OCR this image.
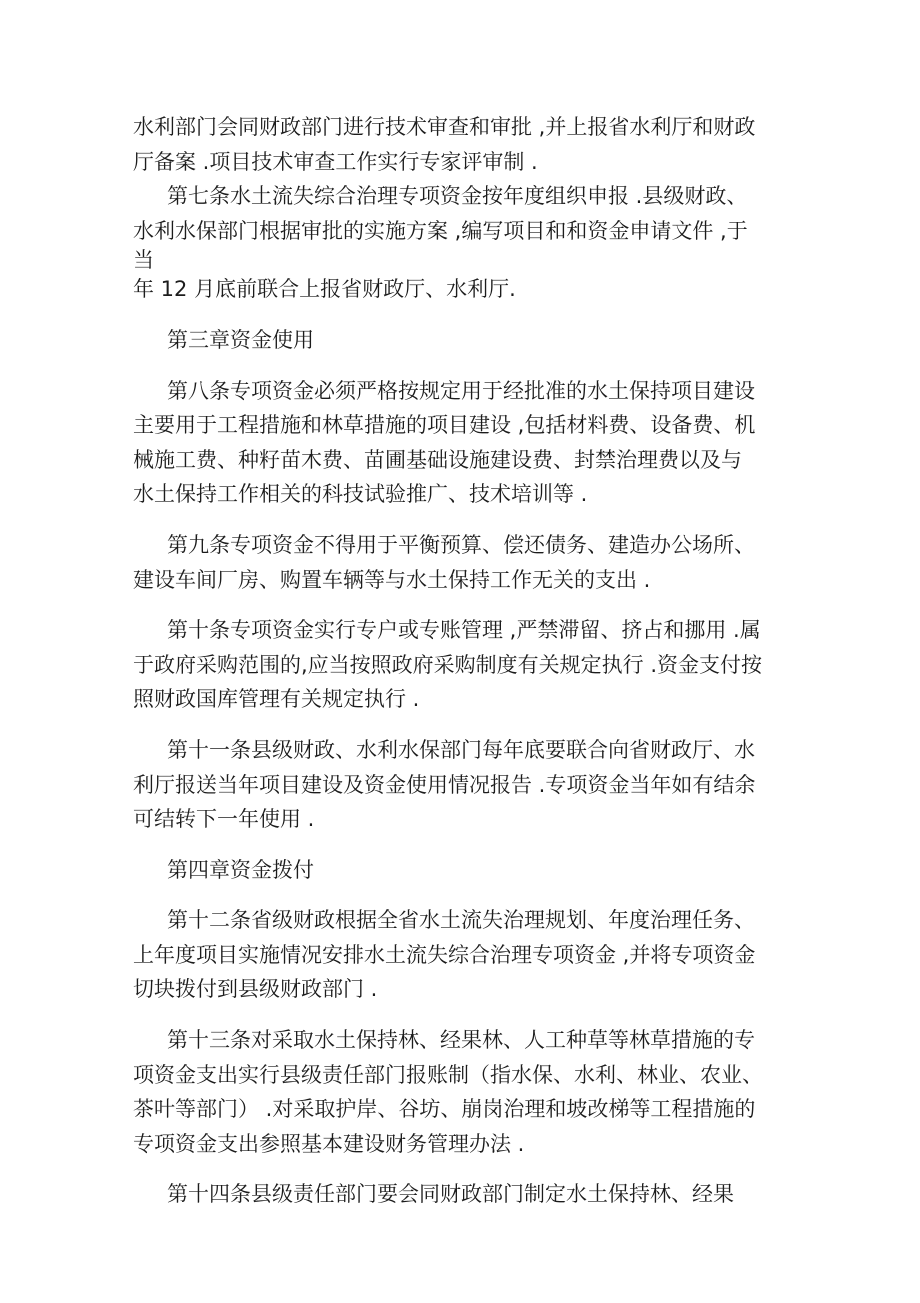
水利部门会同财政部门进行技术审查和审批 ,并上报省水利厅和财政
厅备案 .项目技术审查工作实行专家评审制 .
第七条水土流失综合治理专项资金按年度组织申报 .县级财政、
水利水保部门根据审批的实施方案 ,编写项目和和资金申请文件 ,于
当
年 12 月底前联合上报省财政厅、水利厅.
第三章资金使用
第八条专项资金必须严格按规定用于经批准的水土保持项目建设
主要用于工程措施和林草措施的项目建设 ,包括材料费、设备费、机
械施工费、种籽苗木费、苗圃基础设施建设费、封禁治理费以及与
水土保持工作相关的科技试验推广、技术培训等 .
第九条专项资金不得用于平衡预算、偿还债务、建造办公场所、
建设车间厂房、购置车辆等与水土保持工作无关的支出 .
第十条专项资金实行专户或专账管理 ,严禁滞留、挤占和挪用 .属
于政府采购范围的,应当按照政府采购制度有关规定执行 .资金支付按
照财政国库管理有关规定执行 .
第十一条县级财政、水利水保部门每年底要联合向省财政厅、水
利厅报送当年项目建设及资金使用情况报告 .专项资金当年如有结余
可结转下一年使用 .
第四章资金拨付
第十二条省级财政根据全省水土流失治理规划、年度治理任务、
上年度项目实施情况安排水土流失综合治理专项资金 ,并将专项资金
切块拨付到县级财政部门 .
第十三条对采取水土保持林、经果林、人工种草等林草措施的专
项资金支出实行县级责任部门报账制（指水保、水利、林业、农业、
茶叶等部门） .对采取护岸、谷坊、崩岗治理和坡改梯等工程措施的
专项资金支出参照基本建设财务管理办法 .
第十四条县级责任部门要会同财政部门制定水土保持林、经果
